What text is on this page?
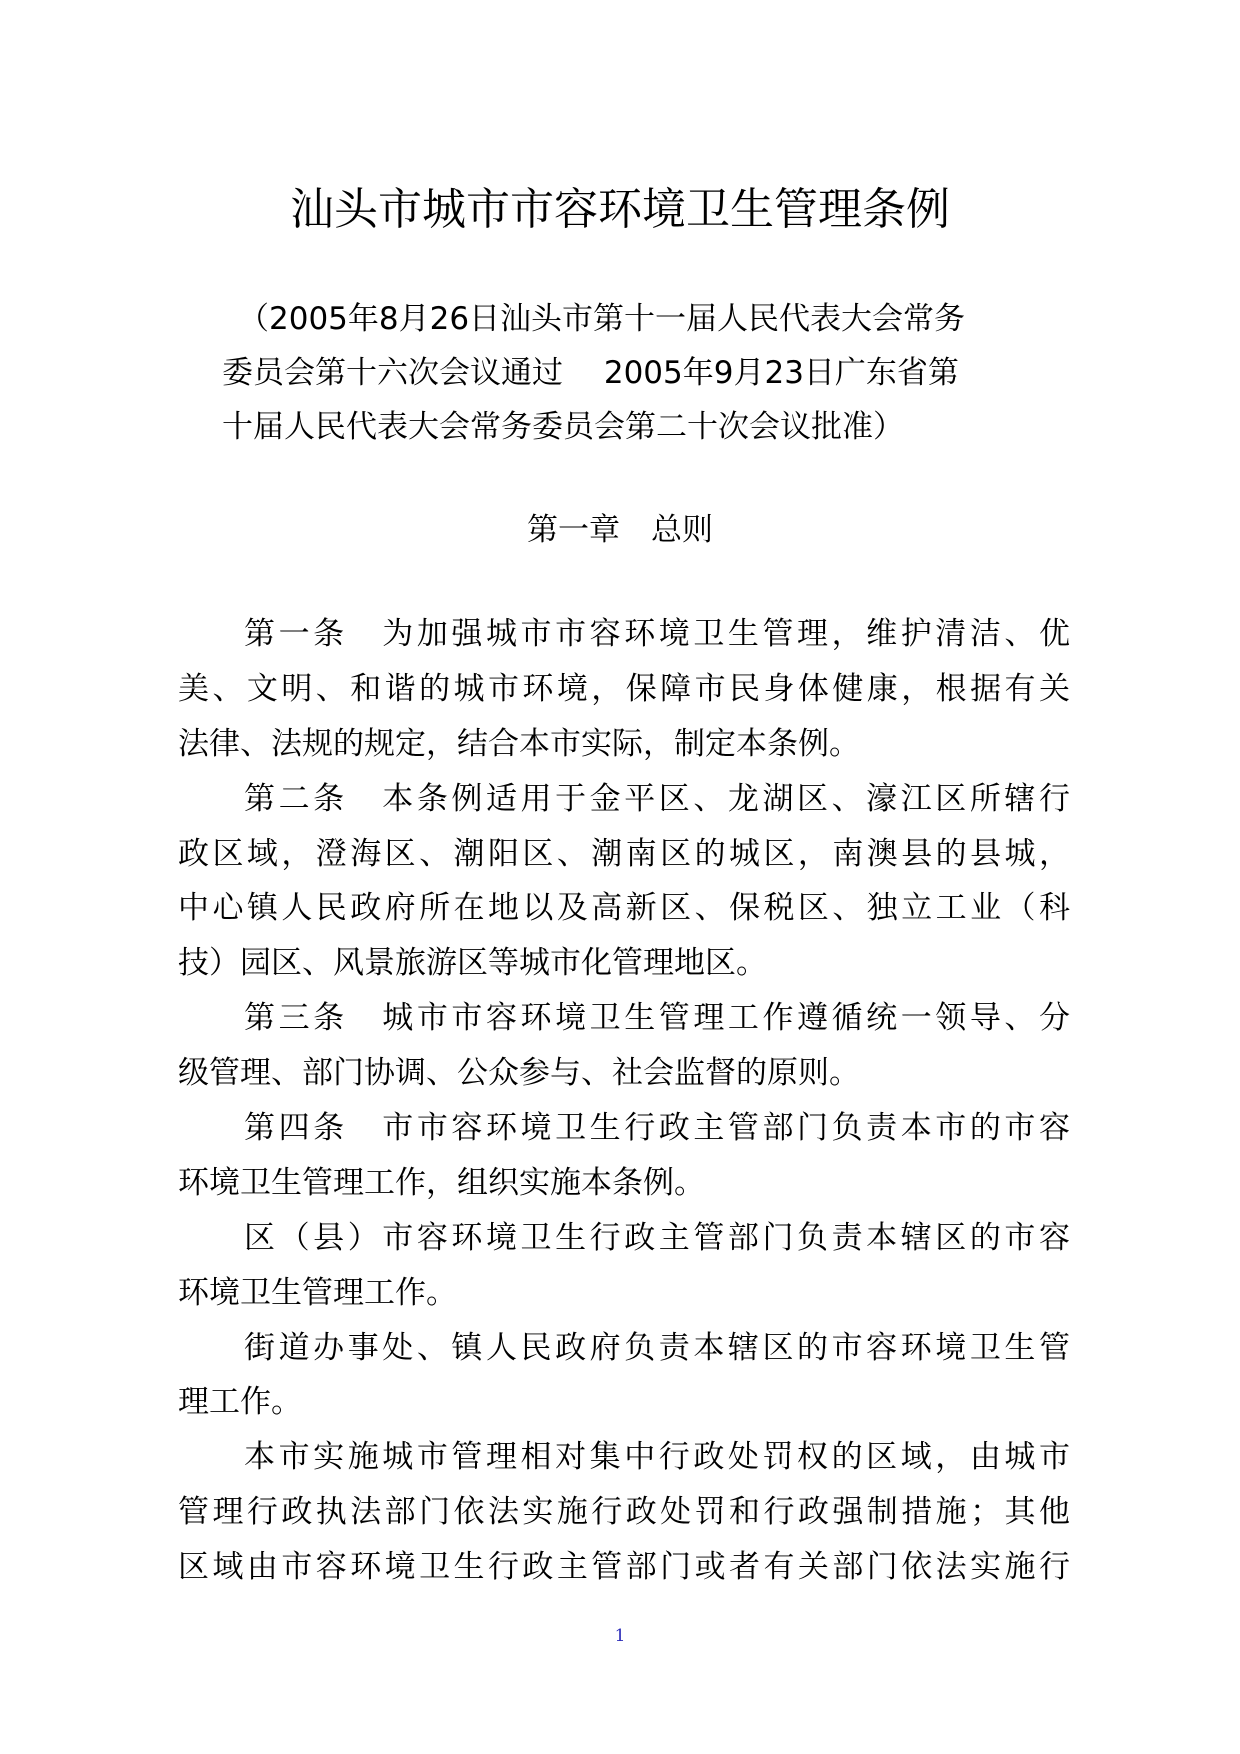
汕头市城市市容环境卫生管理条例
（2005年8月26日汕头市第十一届人民代表大会常务
委员会第十六次会议通过　 2005年9月23日广东省第
十届人民代表大会常务委员会第二十次会议批准）
第一章　总则
第一条　为加强城市市容环境卫生管理，维护清洁、优
美、文明、和谐的城市环境，保障市民身体健康，根据有关
法律、法规的规定，结合本市实际，制定本条例。
第二条　本条例适用于金平区、龙湖区、濠江区所辖行
政区域，澄海区、潮阳区、潮南区的城区，南澳县的县城，
中心镇人民政府所在地以及高新区、保税区、独立工业（科
技）园区、风景旅游区等城市化管理地区。
第三条　城市市容环境卫生管理工作遵循统一领导、分
级管理、部门协调、公众参与、社会监督的原则。
第四条　市市容环境卫生行政主管部门负责本市的市容
环境卫生管理工作，组织实施本条例。
区（县）市容环境卫生行政主管部门负责本辖区的市容
环境卫生管理工作。
街道办事处、镇人民政府负责本辖区的市容环境卫生管
理工作。
本市实施城市管理相对集中行政处罚权的区域，由城市
管理行政执法部门依法实施行政处罚和行政强制措施；其他
区域由市容环境卫生行政主管部门或者有关部门依法实施行
1
